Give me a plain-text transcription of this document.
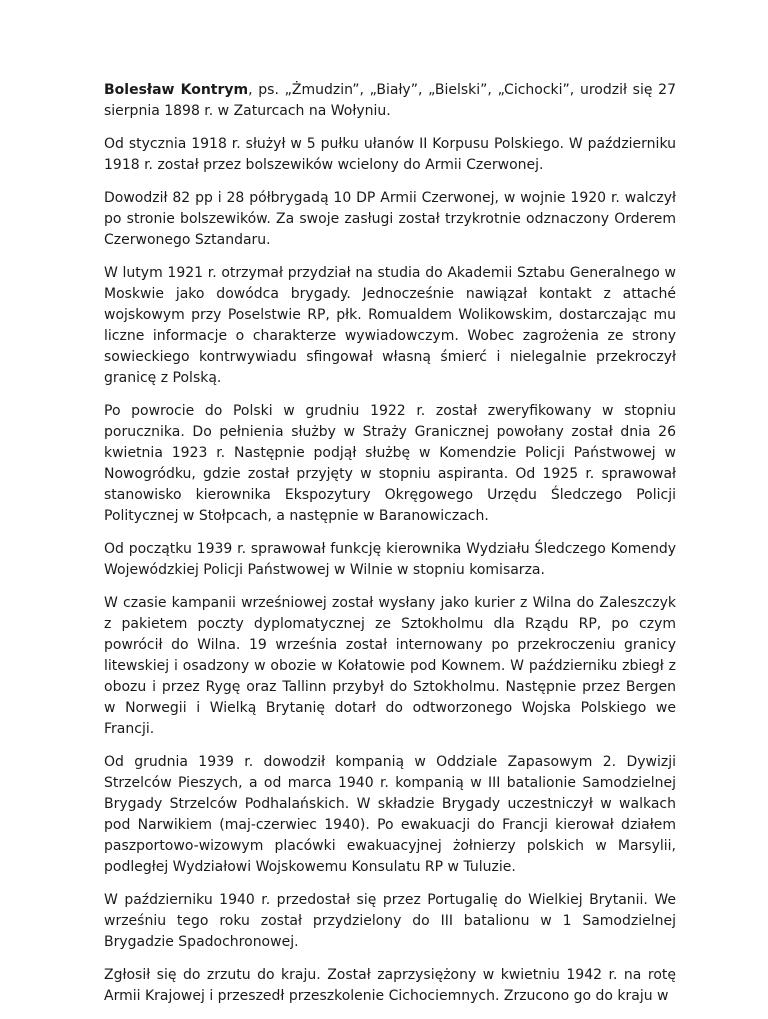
Bolesław Kontrym, ps. „Żmudzin”, „Biały”, „Bielski”, „Cichocki”, urodził się 27 sierpnia 1898 r. w Zaturcach na Wołyniu.

Od stycznia 1918 r. służył w 5 pułku ułanów II Korpusu Polskiego. W październiku 1918 r. został przez bolszewików wcielony do Armii Czerwonej.

Dowodził 82 pp i 28 półbrygadą 10 DP Armii Czerwonej, w wojnie 1920 r. walczył po stronie bolszewików. Za swoje zasługi został trzykrotnie odznaczony Orderem Czerwonego Sztandaru.

W lutym 1921 r. otrzymał przydział na studia do Akademii Sztabu Generalnego w Moskwie jako dowódca brygady. Jednocześnie nawiązał kontakt z attaché wojskowym przy Poselstwie RP, płk. Romualdem Wolikowskim, dostarczając mu liczne informacje o charakterze wywiadowczym. Wobec zagrożenia ze strony sowieckiego kontrwywiadu sfingował własną śmierć i nielegalnie przekroczył granicę z Polską.

Po powrocie do Polski w grudniu 1922 r. został zweryfikowany w stopniu porucznika. Do pełnienia służby w Straży Granicznej powołany został dnia 26 kwietnia 1923 r. Następnie podjął służbę w Komendzie Policji Państwowej w Nowogródku, gdzie został przyjęty w stopniu aspiranta. Od 1925 r. sprawował stanowisko kierownika Ekspozytury Okręgowego Urzędu Śledczego Policji Politycznej w Stołpcach, a następnie w Baranowiczach.

Od początku 1939 r. sprawował funkcję kierownika Wydziału Śledczego Komendy Wojewódzkiej Policji Państwowej w Wilnie w stopniu komisarza.

W czasie kampanii wrześniowej został wysłany jako kurier z Wilna do Zaleszczyk z pakietem poczty dyplomatycznej ze Sztokholmu dla Rządu RP, po czym powrócił do Wilna. 19 września został internowany po przekroczeniu granicy litewskiej i osadzony w obozie w Kołatowie pod Kownem. W październiku zbiegł z obozu i przez Rygę oraz Tallinn przybył do Sztokholmu. Następnie przez Bergen w Norwegii i Wielką Brytanię dotarł do odtworzonego Wojska Polskiego we Francji.

Od grudnia 1939 r. dowodził kompanią w Oddziale Zapasowym 2. Dywizji Strzelców Pieszych, a od marca 1940 r. kompanią w III batalionie Samodzielnej Brygady Strzelców Podhalańskich. W składzie Brygady uczestniczył w walkach pod Narwikiem (maj-czerwiec 1940). Po ewakuacji do Francji kierował działem paszportowo-wizowym placówki ewakuacyjnej żołnierzy polskich w Marsylii, podległej Wydziałowi Wojskowemu Konsulatu RP w Tuluzie.

W październiku 1940 r. przedostał się przez Portugalię do Wielkiej Brytanii. We wrześniu tego roku został przydzielony do III batalionu w 1 Samodzielnej Brygadzie Spadochronowej.

Zgłosił się do zrzutu do kraju. Został zaprzysiężony w kwietniu 1942 r. na rotę Armii Krajowej i przeszedł przeszkolenie Cichociemnych. Zrzucono go do kraju w
